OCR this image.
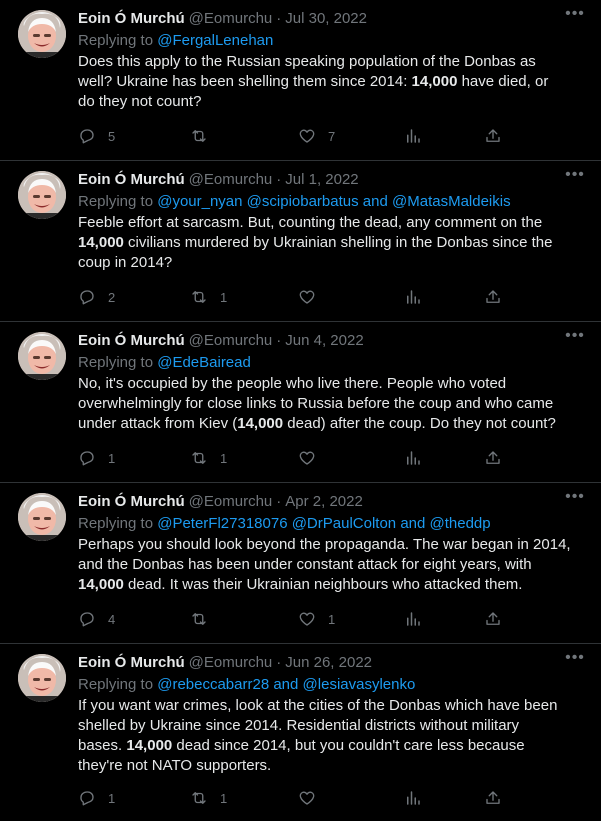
Eoin Ó Murchú @Eomurchu · Jul 30, 2022	•••
Replying to @FergalLenehan
Does this apply to the Russian speaking population of the Donbas as
well? Ukraine has been shelling them since 2014: 14,000 have died, or
do they not count?
5	7
Eoin Ó Murchú @Eomurchu · Jul 1, 2022	•••
Replying to @your_nyan @scipiobarbatus and @MatasMaldeikis
Feeble effort at sarcasm. But, counting the dead, any comment on the
14,000 civilians murdered by Ukrainian shelling in the Donbas since the
coup in 2014?
2	1
Eoin Ó Murchú @Eomurchu · Jun 4, 2022	•••
Replying to @EdeBairead
No, it's occupied by the people who live there. People who voted
overwhelmingly for close links to Russia before the coup and who came
under attack from Kiev (14,000 dead) after the coup. Do they not count?
1	1
Eoin Ó Murchú @Eomurchu · Apr 2, 2022	•••
Replying to @PeterFl27318076 @DrPaulColton and @theddp
Perhaps you should look beyond the propaganda. The war began in 2014,
and the Donbas has been under constant attack for eight years, with
14,000 dead. It was their Ukrainian neighbours who attacked them.
4	1
Eoin Ó Murchú @Eomurchu · Jun 26, 2022	•••
Replying to @rebeccabarr28 and @lesiavasylenko
If you want war crimes, look at the cities of the Donbas which have been
shelled by Ukraine since 2014. Residential districts without military
bases. 14,000 dead since 2014, but you couldn't care less because
they're not NATO supporters.
1	1
